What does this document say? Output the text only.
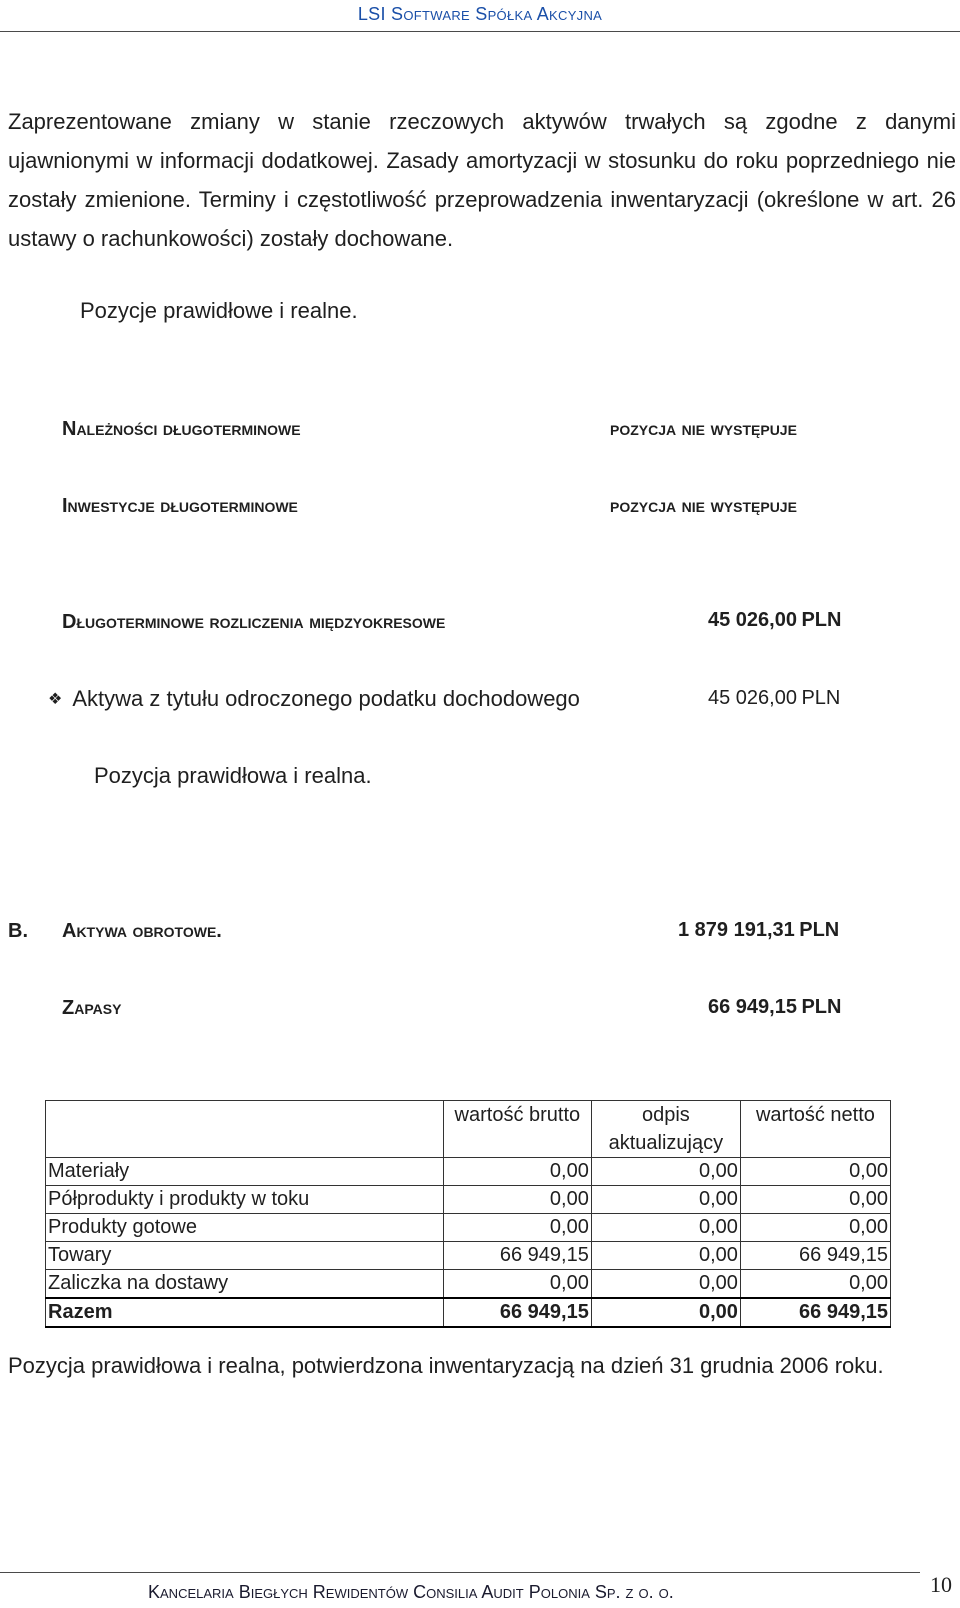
LSI Software Spółka Akcyjna
Zaprezentowane zmiany w stanie rzeczowych aktywów trwałych są zgodne z danymi ujawnionymi w informacji dodatkowej. Zasady amortyzacji w stosunku do roku poprzedniego nie zostały zmienione. Terminy i częstotliwość przeprowadzenia inwentaryzacji (określone w art. 26 ustawy o rachunkowości) zostały dochowane.
Pozycje prawidłowe i realne.
Należności długoterminowe	pozycja nie występuje
Inwestycje długoterminowe	pozycja nie występuje
Długoterminowe rozliczenia międzyokresowe	45 026,00 PLN
❖ Aktywa z tytułu odroczonego podatku dochodowego	45 026,00 PLN
Pozycja prawidłowa i realna.
B. Aktywa obrotowe.	1 879 191,31 PLN
Zapasy	66 949,15 PLN
	wartość brutto	odpis aktualizujący	wartość netto
Materiały	0,00	0,00	0,00
Półprodukty i produkty w toku	0,00	0,00	0,00
Produkty gotowe	0,00	0,00	0,00
Towary	66 949,15	0,00	66 949,15
Zaliczka na dostawy	0,00	0,00	0,00
Razem	66 949,15	0,00	66 949,15
Pozycja prawidłowa i realna, potwierdzona inwentaryzacją na dzień 31 grudnia 2006 roku.
Kancelaria Biegłych Rewidentów Consilia Audit Polonia Sp. z o. o.	10
